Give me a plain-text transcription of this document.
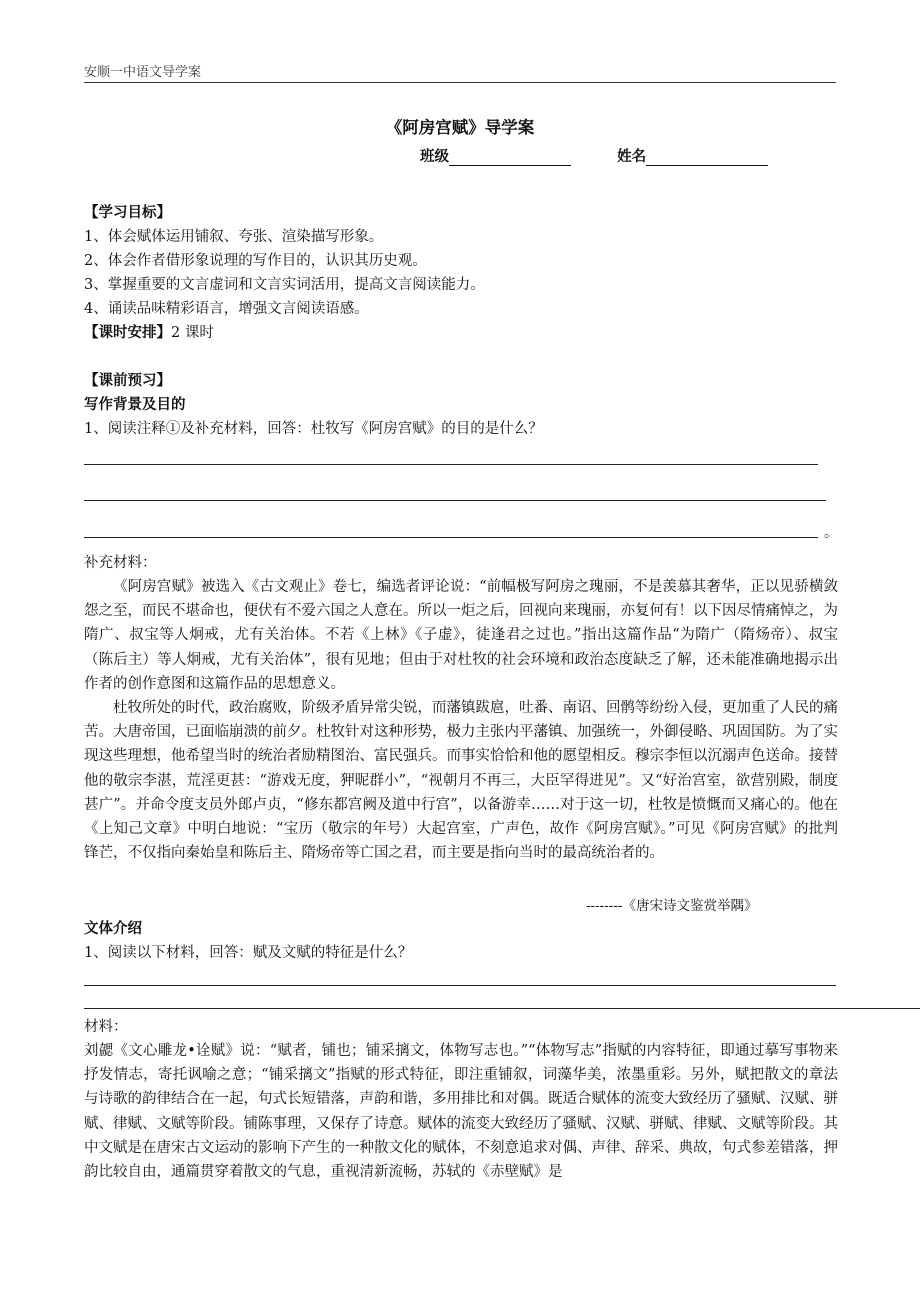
安顺一中语文导学案
《阿房宫赋》导学案
班级	姓名
【学习目标】
1、体会赋体运用铺叙、夸张、渲染描写形象。
2、体会作者借形象说理的写作目的，认识其历史观。
3、掌握重要的文言虚词和文言实词活用，提高文言阅读能力。
4、诵读品味精彩语言，增强文言阅读语感。
【课时安排】2 课时
【课前预习】
写作背景及目的
1、阅读注释①及补充材料，回答：杜牧写《阿房宫赋》的目的是什么？
。
补充材料：

《阿房宫赋》被选入《古文观止》卷七，编选者评论说：“前幅极写阿房之瑰丽，不是羡慕其奢华，正以见骄横敛怨之至，而民不堪命也，便伏有不爱六国之人意在。所以一炬之后，回视向来瑰丽，亦复何有！以下因尽情痛悼之，为隋广、叔宝等人炯戒，尤有关治体。不若《上林》《子虚》，徒逢君之过也。”指出这篇作品“为隋广（隋炀帝）、叔宝（陈后主）等人炯戒，尤有关治体”，很有见地；但由于对杜牧的社会环境和政治态度缺乏了解，还未能准确地揭示出作者的创作意图和这篇作品的思想意义。

杜牧所处的时代，政治腐败，阶级矛盾异常尖锐，而藩镇跋扈，吐番、南诏、回鹘等纷纷入侵，更加重了人民的痛苦。大唐帝国，已面临崩溃的前夕。杜牧针对这种形势，极力主张内平藩镇、加强统一，外御侵略、巩固国防。为了实现这些理想，他希望当时的统治者励精图治、富民强兵。而事实恰恰和他的愿望相反。穆宗李恒以沉溺声色送命。接替他的敬宗李湛，荒淫更甚：“游戏无度，狎昵群小”，“视朝月不再三，大臣罕得进见”。又“好治宫室，欲营别殿，制度甚广”。并命令度支员外郎卢贞，“修东都宫阙及道中行宫”，以备游幸……对于这一切，杜牧是愤慨而又痛心的。他在《上知己文章》中明白地说：“宝历（敬宗的年号）大起宫室，广声色，故作《阿房宫赋》。”可见《阿房宫赋》的批判锋芒，不仅指向秦始皇和陈后主、隋炀帝等亡国之君，而主要是指向当时的最高统治者的。

--------《唐宋诗文鉴赏举隅》
文体介绍
1、阅读以下材料，回答：赋及文赋的特征是什么？
材料：
刘勰《文心雕龙•诠赋》说：“赋者，铺也；铺采摛文，体物写志也。”“体物写志”指赋的内容特征，即通过摹写事物来抒发情志，寄托讽喻之意；“铺采摛文”指赋的形式特征，即注重铺叙，词藻华美，浓墨重彩。另外，赋把散文的章法与诗歌的韵律结合在一起，句式长短错落，声韵和谐，多用排比和对偶。既适合赋体的流变大致经历了骚赋、汉赋、骈赋、律赋、文赋等阶段。铺陈事理，又保存了诗意。赋体的流变大致经历了骚赋、汉赋、骈赋、律赋、文赋等阶段。其中文赋是在唐宋古文运动的影响下产生的一种散文化的赋体，不刻意追求对偶、声律、辞采、典故，句式参差错落，押韵比较自由，通篇贯穿着散文的气息，重视清新流畅，苏轼的《赤壁赋》是
